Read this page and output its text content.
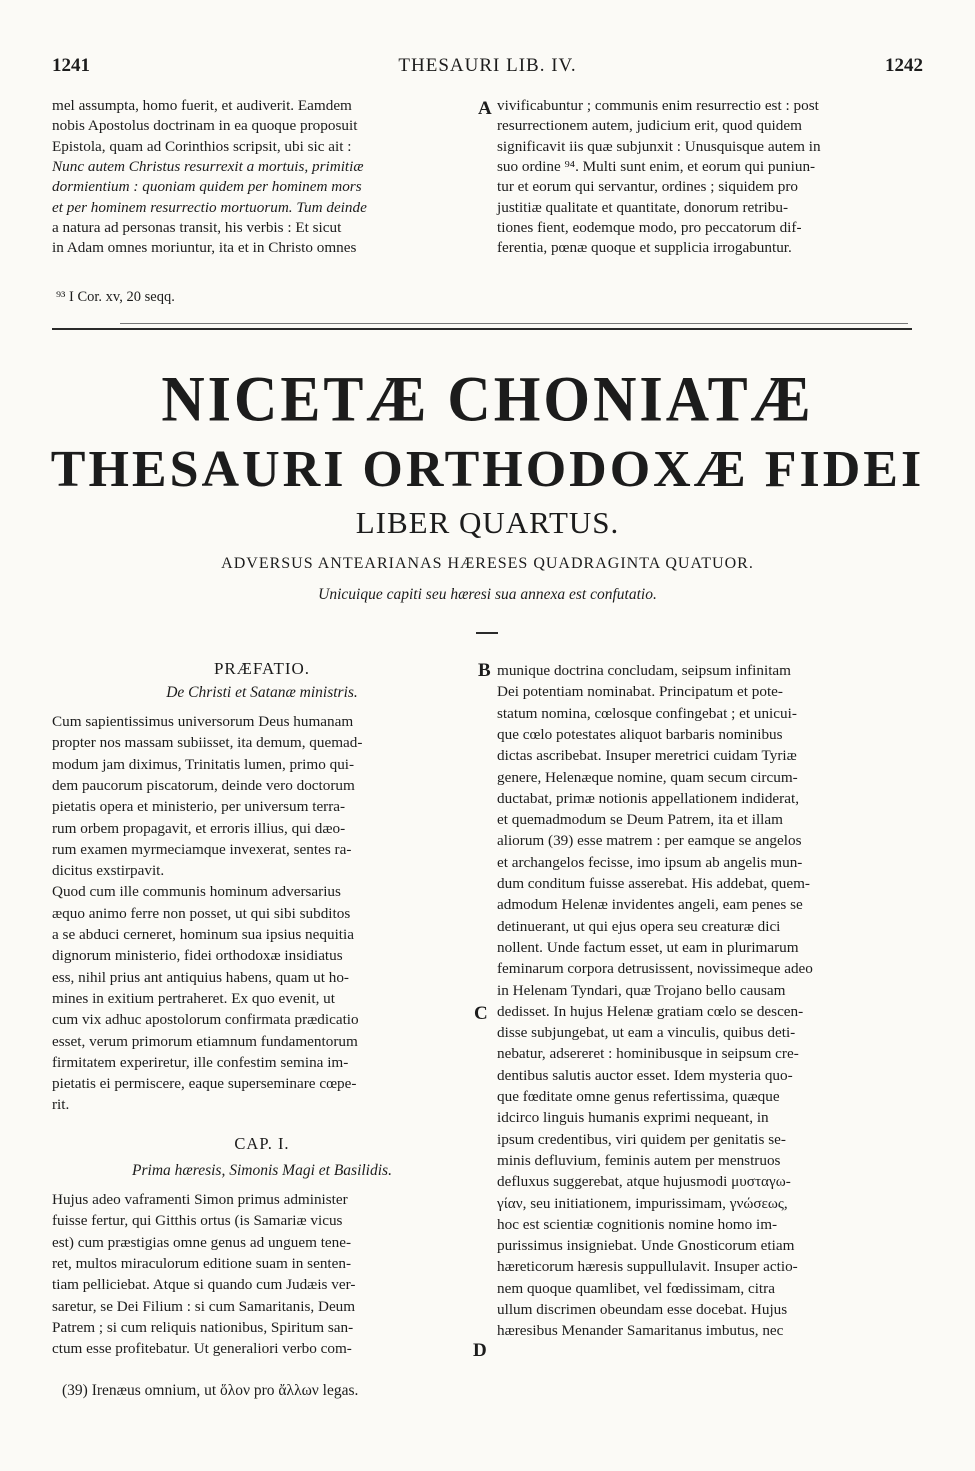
1241	THESAURI LIB. IV.	1242
mel assumpta, homo fuerit, et audiverit. Eamdem
nobis Apostolus doctrinam in ea quoque proposuit
Epistola, quam ad Corinthios scripsit, ubi sic ait :
Nunc autem Christus resurrexit a mortuis, primitiæ
dormientium : quoniam quidem per hominem mors
et per hominem resurrectio mortuorum. Tum deinde
a natura ad personas transit, his verbis : Et sicut
in Adam omnes moriuntur, ita et in Christo omnes
A vivificabuntur ; communis enim resurrectio est : post
resurrectionem autem, judicium erit, quod quidem
significavit iis quæ subjunxit : Unusquisque autem in
suo ordine ⁹⁴. Multi sunt enim, et eorum qui puniun-
tur et eorum qui servantur, ordines ; siquidem pro
justitiæ qualitate et quantitate, donorum retribu-
tiones fient, eodemque modo, pro peccatorum dif-
ferentia, pœnæ quoque et supplicia irrogabuntur.
⁹³ I Cor. xv, 20 seqq.
NICETÆ CHONIATÆ
THESAURI ORTHODOXÆ FIDEI
LIBER QUARTUS.
ADVERSUS ANTEARIANAS HÆRESES QUADRAGINTA QUATUOR.
Unicuique capiti seu hæresi sua annexa est confutatio.
PRÆFATIO.
De Christi et Satanæ ministris.
Cum sapientissimus universorum Deus humanam
propter nos massam subiisset, ita demum, quemad-
modum jam diximus, Trinitatis lumen, primo qui-
dem paucorum piscatorum, deinde vero doctorum
pietatis opera et ministerio, per universum terra-
rum orbem propagavit, et erroris illius, qui dæo-
rum examen myrmeciamque invexerat, sentes ra-
dicitus exstirpavit.
Quod cum ille communis hominum adversarius
æquo animo ferre non posset, ut qui sibi subditos
a se abduci cerneret, hominum sua ipsius nequitia
dignorum ministerio, fidei orthodoxæ insidiatus
ess, nihil prius ant antiquius habens, quam ut ho-
mines in exitium pertraheret. Ex quo evenit, ut
cum vix adhuc apostolorum confirmata prædicatio
esset, verum primorum etiamnum fundamentorum
firmitatem experiretur, ille confestim semina im-
pietatis ei permiscere, eaque superseminare cœpe-
rit.
CAP. I.
Prima hæresis, Simonis Magi et Basilidis.
Hujus adeo vaframenti Simon primus administer
fuisse fertur, qui Gitthis ortus (is Samariæ vicus
est) cum præstigias omne genus ad unguem tene-
ret, multos miraculorum editione suam in senten-
tiam pelliciebat. Atque si quando cum Judæis ver-
saretur, se Dei Filium : si cum Samaritanis, Deum
Patrem ; si cum reliquis nationibus, Spiritum san-
ctum esse profitebatur. Ut generaliori verbo com-
(39) Irenæus omnium, ut ὅλον pro ἄλλων legas.
B
C
D
munique doctrina concludam, seipsum infinitam
Dei potentiam nominabat. Principatum et pote-
statum nomina, cœlosque confingebat ; et unicui-
que cœlo potestates aliquot barbaris nominibus
dictas ascribebat. Insuper meretrici cuidam Tyriæ
genere, Helenæque nomine, quam secum circum-
ductabat, primæ notionis appellationem indiderat,
et quemadmodum se Deum Patrem, ita et illam
aliorum (39) esse matrem : per eamque se angelos
et archangelos fecisse, imo ipsum ab angelis mun-
dum conditum fuisse asserebat. His addebat, quem-
admodum Helenæ invidentes angeli, eam penes se
detinuerant, ut qui ejus opera seu creaturæ dici
nollent. Unde factum esset, ut eam in plurimarum
feminarum corpora detrusissent, novissimeque adeo
in Helenam Tyndari, quæ Trojano bello causam
dedisset. In hujus Helenæ gratiam cœlo se descen-
disse subjungebat, ut eam a vinculis, quibus deti-
nebatur, adsereret : hominibusque in seipsum cre-
dentibus salutis auctor esset. Idem mysteria quo-
que fœditate omne genus refertissima, quæque
idcirco linguis humanis exprimi nequeant, in
ipsum credentibus, viri quidem per genitatis se-
minis defluvium, feminis autem per menstruos
defluxus suggerebat, atque hujusmodi μυσταγω-
γίαν, seu initiationem, impurissimam, γνώσεως,
hoc est scientiæ cognitionis nomine homo im-
purissimus insigniebat. Unde Gnosticorum etiam
hæreticorum hæresis suppullulavit. Insuper actio-
nem quoque quamlibet, vel fœdissimam, citra
ullum discrimen obeundam esse docebat. Hujus
hæresibus Menander Samaritanus imbutus, nec
